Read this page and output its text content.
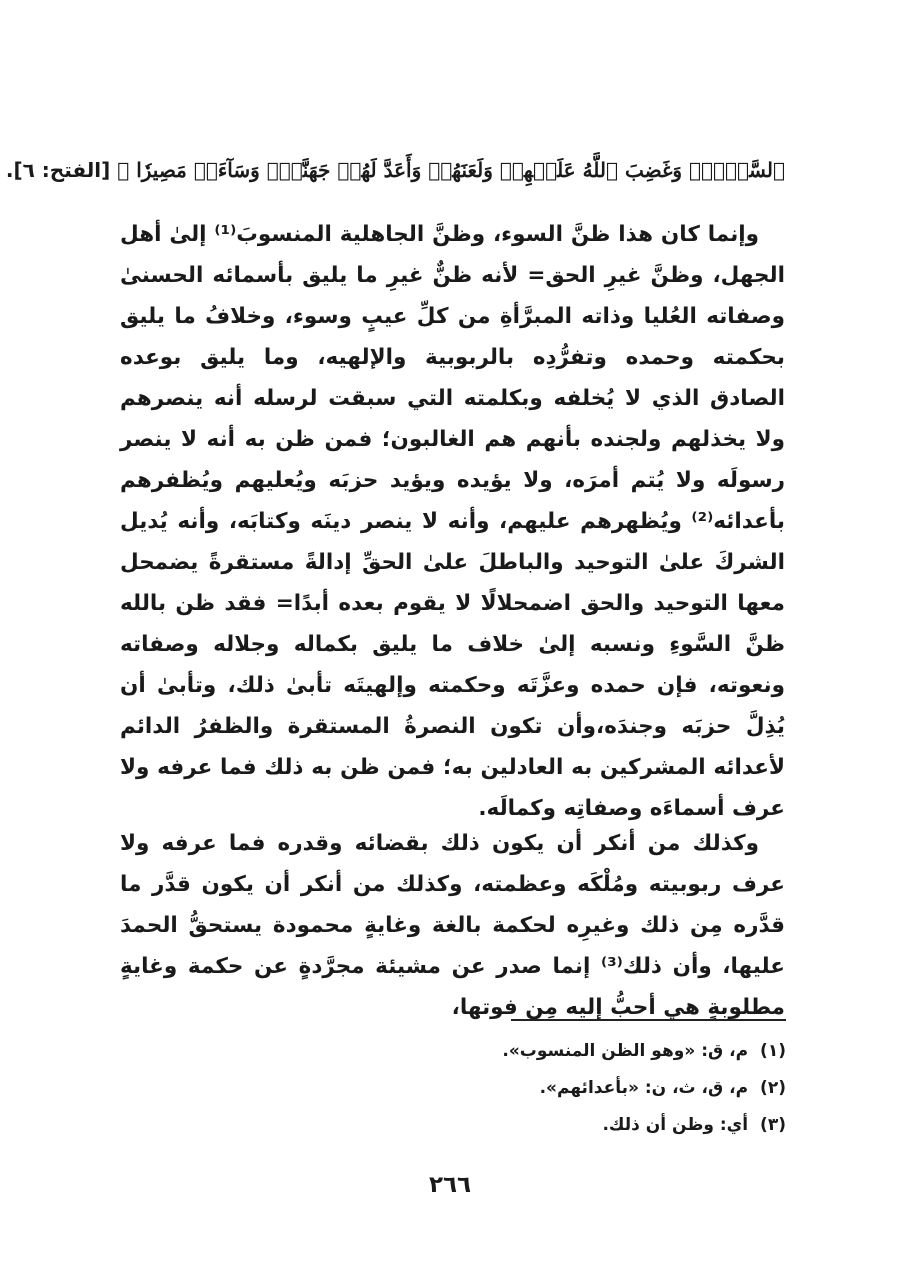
ٱلسَّوۡءِۖ وَغَضِبَ ٱللَّهُ عَلَيۡهِمۡ وَلَعَنَهُمۡ وَأَعَدَّ لَهُمۡ جَهَنَّمَۖ وَسَآءَتۡ مَصِيرٗا ﴾ [الفتح: ٦].

وإنما كان هذا ظنَّ السوء، وظنَّ الجاهلية المنسوبَ⁽¹⁾ إلىٰ أهل الجهل، وظنَّ غيرِ الحق= لأنه ظنٌّ غيرِ ما يليق بأسمائه الحسنىٰ وصفاته العُليا وذاته المبرَّأةِ من كلِّ عيبٍ وسوء، وخلافُ ما يليق بحكمته وحمده وتفرُّدِه بالربوبية والإلهيه، وما يليق بوعده الصادق الذي لا يُخلفه وبكلمته التي سبقت لرسله أنه ينصرهم ولا يخذلهم ولجنده بأنهم هم الغالبون؛ فمن ظن به أنه لا ينصر رسولَه ولا يُتم أمرَه، ولا يؤيده ويؤيد حزبَه ويُعليهم ويُظفرهم بأعدائه⁽²⁾ ويُظهرهم عليهم، وأنه لا ينصر دينَه وكتابَه، وأنه يُديل الشركَ علىٰ التوحيد والباطلَ علىٰ الحقِّ إدالةً مستقرةً يضمحل معها التوحيد والحق اضمحلالًا لا يقوم بعده أبدًا= فقد ظن بالله ظنَّ السَّوءِ ونسبه إلىٰ خلاف ما يليق بكماله وجلاله وصفاته ونعوته، فإن حمده وعزَّتَه وحكمته وإلهيتَه تأبىٰ ذلك، وتأبىٰ أن يُذِلَّ حزبَه وجندَه،وأن تكون النصرةُ المستقرة والظفرُ الدائم لأعدائه المشركين به العادلين به؛ فمن ظن به ذلك فما عرفه ولا عرف أسماءَه وصفاتِه وكمالَه.

وكذلك من أنكر أن يكون ذلك بقضائه وقدره فما عرفه ولا عرف ربوبيته ومُلْكَه وعظمته، وكذلك من أنكر أن يكون قدَّر ما قدَّره مِن ذلك وغيرِه لحكمة بالغة وغايةٍ محمودة يستحقُّ الحمدَ عليها، وأن ذلك⁽³⁾ إنما صدر عن مشيئة مجرَّدةٍ عن حكمة وغايةٍ مطلوبةٍ هي أحبُّ إليه مِن فوتها،

(١)
م، ق: «وهو الظن المنسوب».
(٢)
م، ق، ث، ن: «بأعدائهم».
(٣)
أي: وظن أن ذلك.
٢٦٦
